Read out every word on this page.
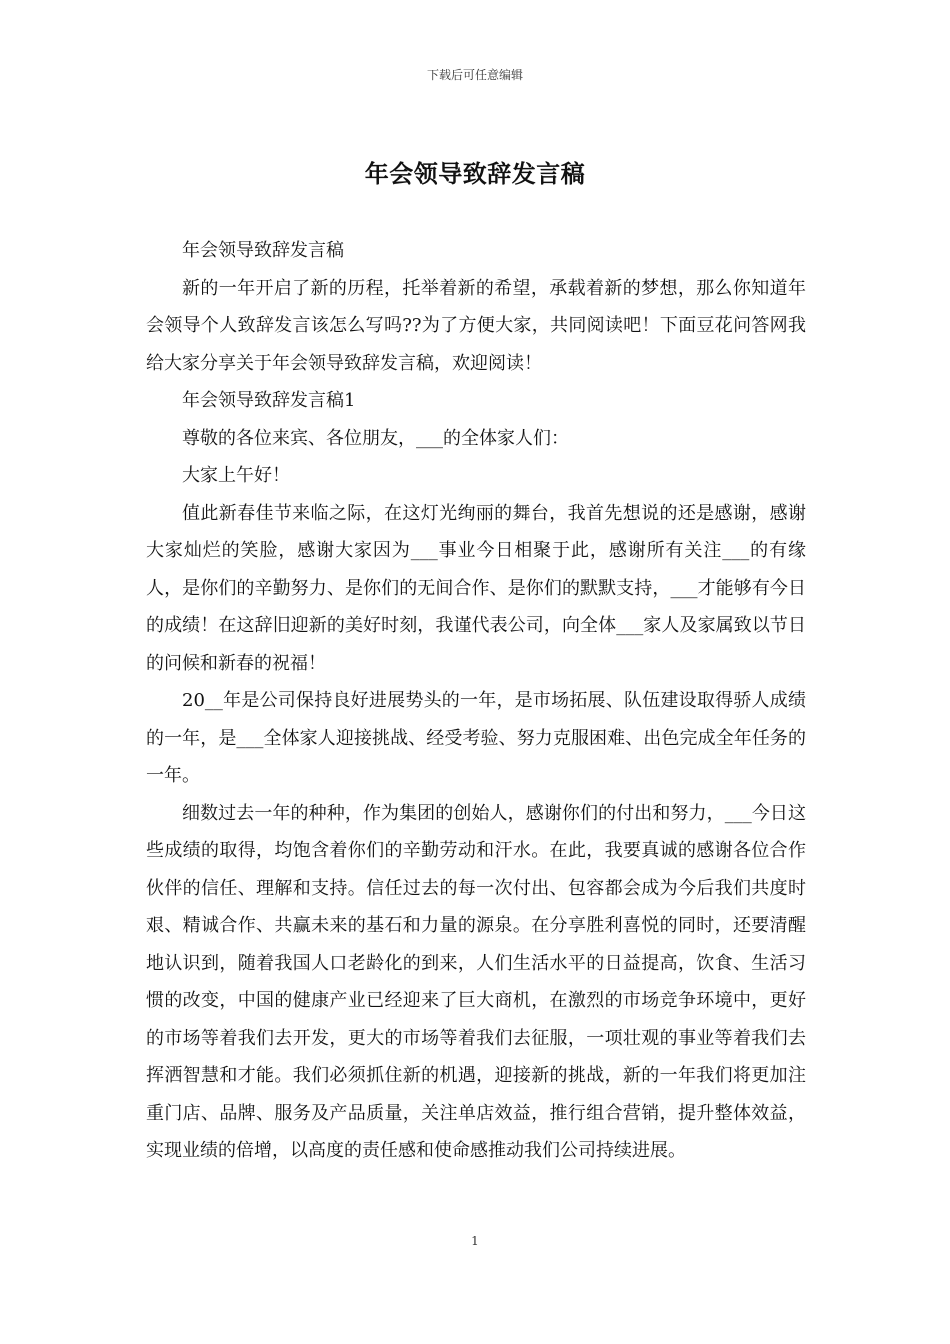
下载后可任意编辑
年会领导致辞发言稿

年会领导致辞发言稿

新的一年开启了新的历程，托举着新的希望，承载着新的梦想，那么你知道年会领导个人致辞发言该怎么写吗??为了方便大家，共同阅读吧！下面豆花问答网我给大家分享关于年会领导致辞发言稿，欢迎阅读！

年会领导致辞发言稿1

尊敬的各位来宾、各位朋友，___的全体家人们：

大家上午好！

值此新春佳节来临之际，在这灯光绚丽的舞台，我首先想说的还是感谢，感谢大家灿烂的笑脸，感谢大家因为___事业今日相聚于此，感谢所有关注___的有缘人，是你们的辛勤努力、是你们的无间合作、是你们的默默支持，___才能够有今日的成绩！在这辞旧迎新的美好时刻，我谨代表公司，向全体___家人及家属致以节日的问候和新春的祝福！

20__年是公司保持良好进展势头的一年，是市场拓展、队伍建设取得骄人成绩的一年，是___全体家人迎接挑战、经受考验、努力克服困难、出色完成全年任务的一年。

细数过去一年的种种，作为集团的创始人，感谢你们的付出和努力，___今日这些成绩的取得，均饱含着你们的辛勤劳动和汗水。在此，我要真诚的感谢各位合作伙伴的信任、理解和支持。信任过去的每一次付出、包容都会成为今后我们共度时艰、精诚合作、共赢未来的基石和力量的源泉。在分享胜利喜悦的同时，还要清醒地认识到，随着我国人口老龄化的到来，人们生活水平的日益提高，饮食、生活习惯的改变，中国的健康产业已经迎来了巨大商机，在激烈的市场竞争环境中，更好的市场等着我们去开发，更大的市场等着我们去征服，一项壮观的事业等着我们去挥洒智慧和才能。我们必须抓住新的机遇，迎接新的挑战，新的一年我们将更加注重门店、品牌、服务及产品质量，关注单店效益，推行组合营销，提升整体效益，实现业绩的倍增，以高度的责任感和使命感推动我们公司持续进展。

1
